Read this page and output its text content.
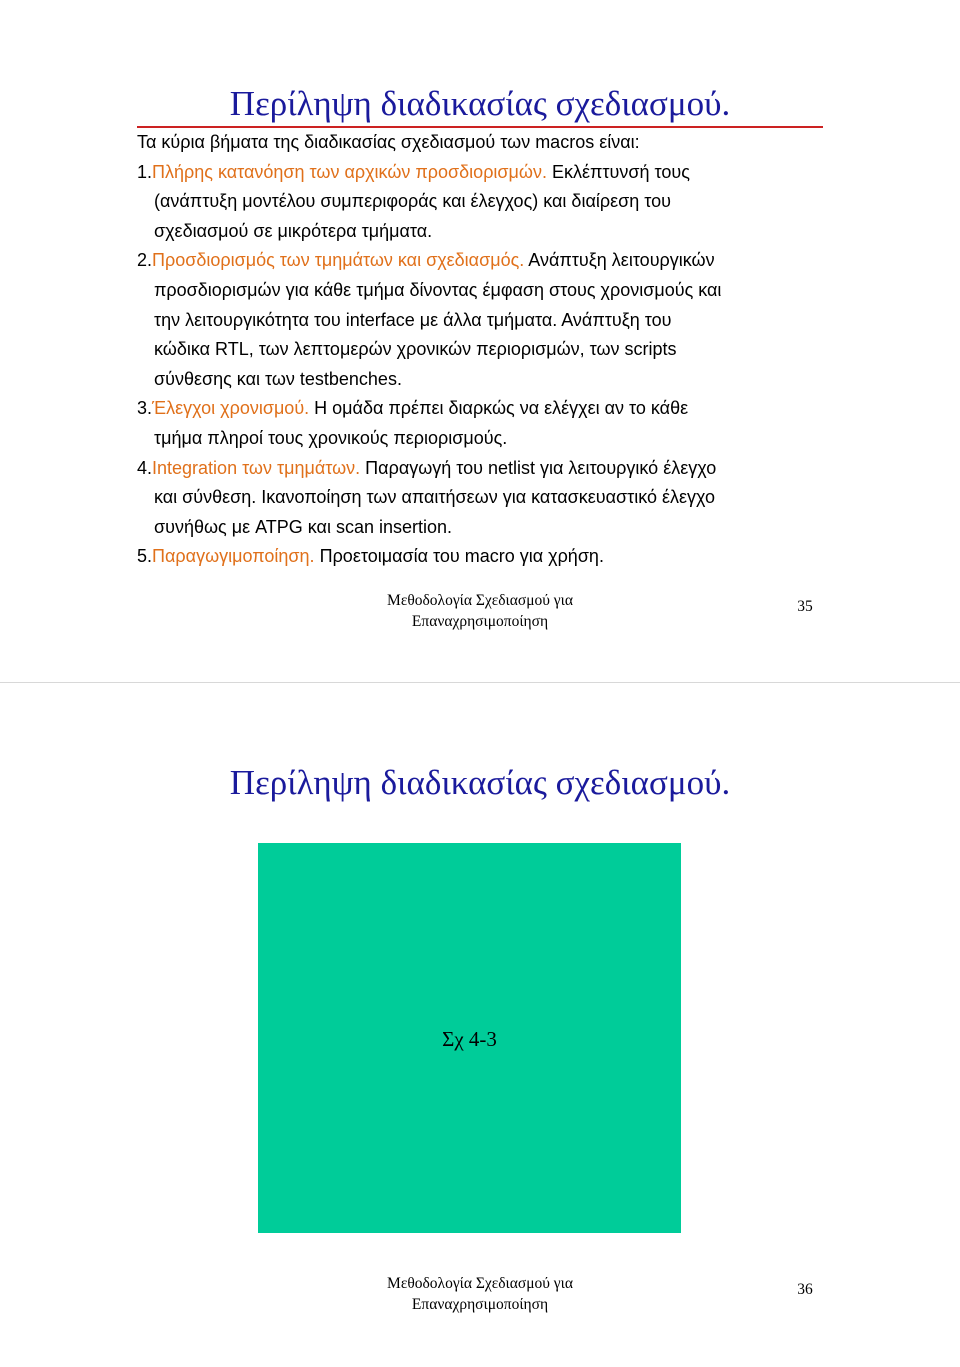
Περίληψη διαδικασίας σχεδιασμού.

Τα κύρια βήματα της διαδικασίας σχεδιασμού των macros είναι:

1.Πλήρης κατανόηση των αρχικών προσδιορισμών. Εκλέπτυνσή τους

(ανάπτυξη μοντέλου συμπεριφοράς και έλεγχος) και διαίρεση του

σχεδιασμού σε μικρότερα τμήματα.

2.Προσδιορισμός των τμημάτων και σχεδιασμός. Ανάπτυξη λειτουργικών

προσδιορισμών για κάθε τμήμα δίνοντας έμφαση στους χρονισμούς και

την λειτουργικότητα του interface με άλλα τμήματα. Ανάπτυξη του

κώδικα RTL, των λεπτομερών χρονικών περιορισμών, των scripts

σύνθεσης και των testbenches.

3.Έλεγχοι χρονισμού. Η ομάδα πρέπει διαρκώς να ελέγχει αν το κάθε

τμήμα πληροί τους χρονικούς περιορισμούς.

4.Integration των τμημάτων. Παραγωγή του netlist για λειτουργικό έλεγχο

και σύνθεση. Ικανοποίηση των απαιτήσεων για κατασκευαστικό έλεγχο

συνήθως με ATPG και scan insertion.

5.Παραγωγιμοποίηση. Προετοιμασία του macro για χρήση.

Μεθοδολογία Σχεδιασμού για
Επαναχρησιμοποίηση
35
Περίληψη διαδικασίας σχεδιασμού.
Σχ 4-3
Μεθοδολογία Σχεδιασμού για
Επαναχρησιμοποίηση
36
